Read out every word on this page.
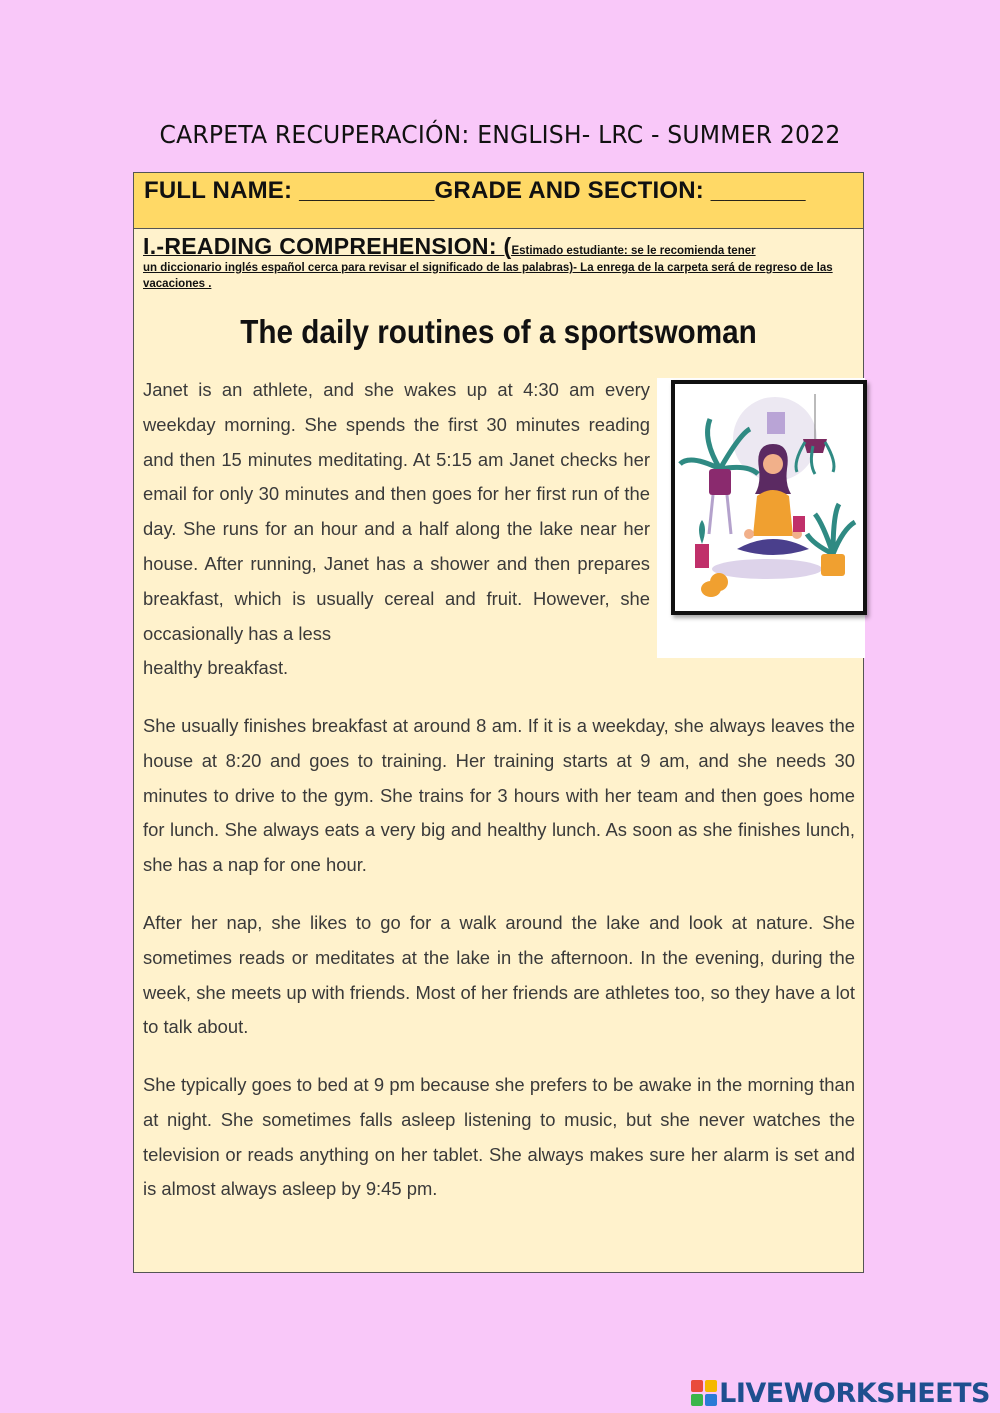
CARPETA RECUPERACIÓN: ENGLISH- LRC - SUMMER 2022
FULL NAME: __________GRADE AND SECTION: _______
I.-READING COMPREHENSION: (Estimado estudiante: se le recomienda tener
un diccionario inglés español cerca para revisar el significado de las palabras)- La enrega de la carpeta será de regreso de las vacaciones .
The daily routines of a sportswoman
Janet is an athlete, and she wakes up at 4:30 am every weekday morning. She spends the first 30 minutes reading and then 15 minutes meditating. At 5:15 am Janet checks her email for only 30 minutes and then goes for her first run of the day. She runs for an hour and a half along the lake near her house. After running, Janet has a shower and then prepares breakfast, which is usually cereal and fruit. However, she occasionally has a less
healthy breakfast.
She usually finishes breakfast at around 8 am. If it is a weekday, she always leaves the house at 8:20 and goes to training. Her training starts at 9 am, and she needs 30 minutes to drive to the gym. She trains for 3 hours with her team and then goes home for lunch. She always eats a very big and healthy lunch. As soon as she finishes lunch, she has a nap for one hour.
After her nap, she likes to go for a walk around the lake and look at nature. She sometimes reads or meditates at the lake in the afternoon. In the evening, during the week, she meets up with friends. Most of her friends are athletes too, so they have a lot to talk about.
She typically goes to bed at 9 pm because she prefers to be awake in the morning than at night. She sometimes falls asleep listening to music, but she never watches the television or reads anything on her tablet. She always makes sure her alarm is set and is almost always asleep by 9:45 pm.
LIVEWORKSHEETS
